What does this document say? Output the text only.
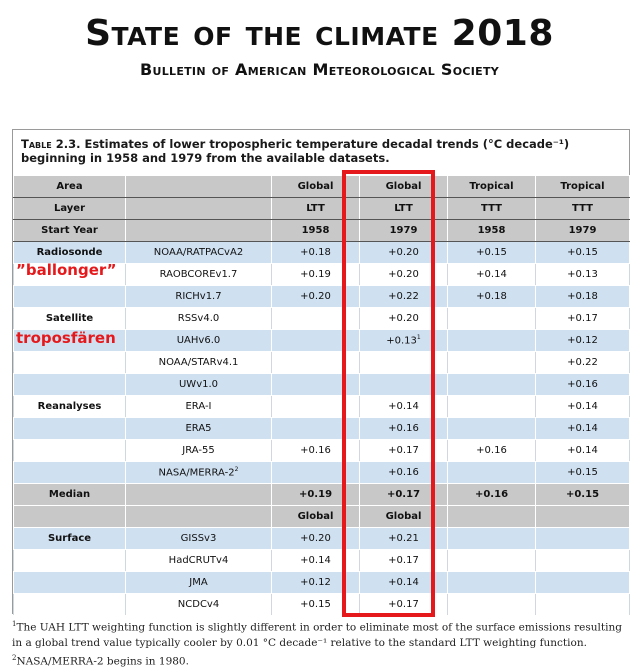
State of the climate 2018
Bulletin of American Meteorological Society
Table 2.3. Estimates of lower tropospheric temperature decadal trends (°C decade⁻¹) beginning in 1958 and 1979 from the available datasets.
Area		Global	Global	Tropical	Tropical
Layer		LTT	LTT	TTT	TTT
Start Year		1958	1979	1958	1979
Radiosonde	NOAA/RATPACvA2	+0.18	+0.20	+0.15	+0.15
	RAOBCOREv1.7	+0.19	+0.20	+0.14	+0.13
	RICHv1.7	+0.20	+0.22	+0.18	+0.18
Satellite	RSSv4.0		+0.20		+0.17
	UAHv6.0		$+0.13^1$		+0.12
	NOAA/STARv4.1				+0.22
	UWv1.0				+0.16
Reanalyses	ERA-I		+0.14		+0.14
	ERA5		+0.16		+0.14
	JRA-55	+0.16	+0.17	+0.16	+0.14
	NASA/$MERRA-2^2$		+0.16		+0.15
Median		+0.19	+0.17	+0.16	+0.15
		Global	Global		
Surface	GISSv3	+0.20	+0.21		
	HadCRUTv4	+0.14	+0.17		
	JMA	+0.12	+0.14		
	NCDCv4	+0.15	+0.17		
”ballonger”
troposfären
$^1$The UAH LTT weighting function is slightly different in order to eliminate most of the surface emissions resulting in a global trend value typically cooler by 0.01 °C decade⁻¹ relative to the standard LTT weighting function.
$^2$NASA/MERRA-2 begins in 1980.
